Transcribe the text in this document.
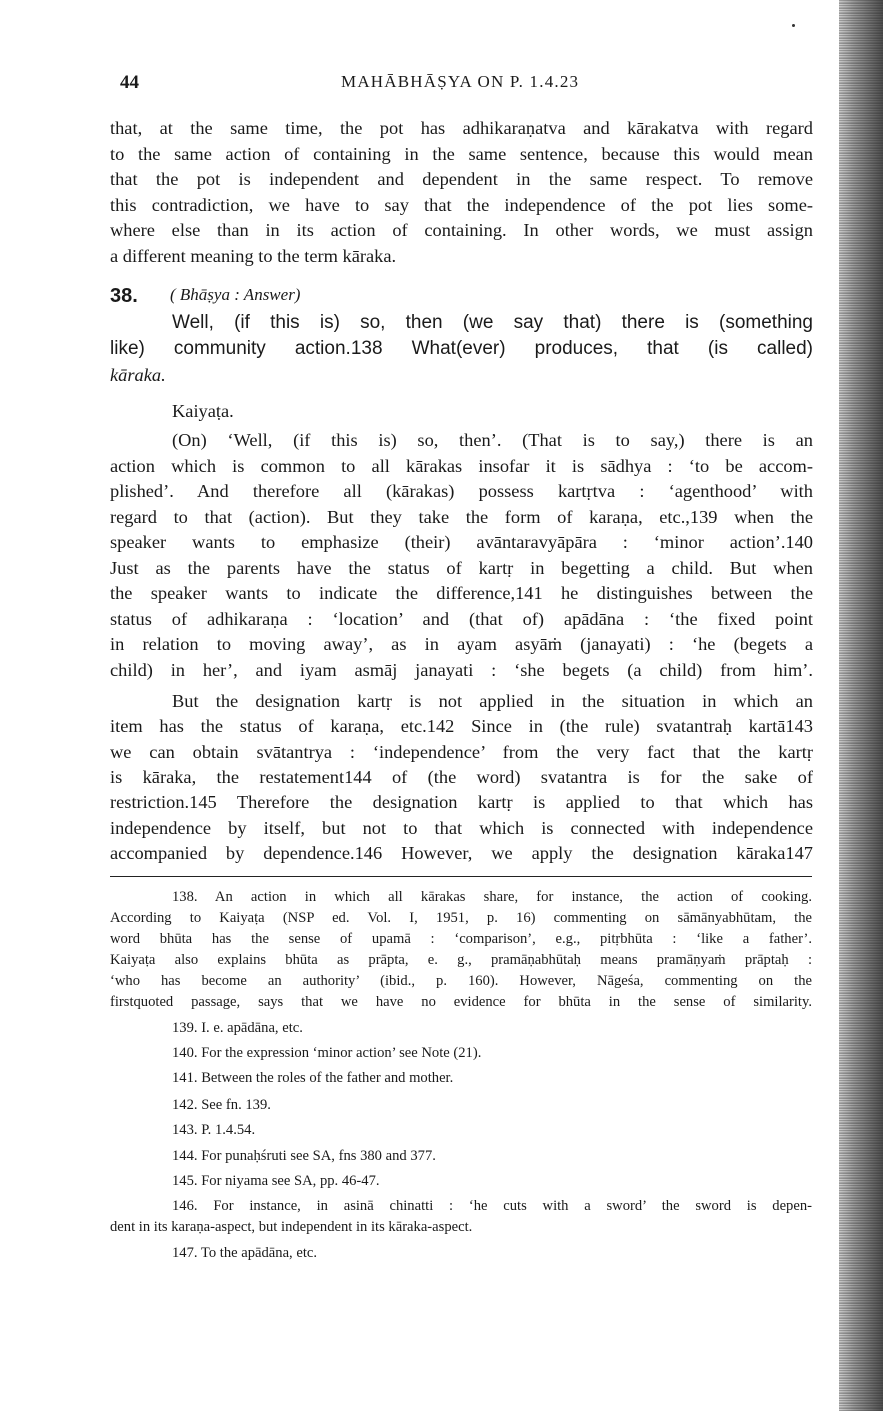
44	MAHĀBHĀṢYA ON P. 1.4.23
that, at the same time, the pot has adhikaraṇatva and kārakatva with regard
to the same action of containing in the same sentence, because this would mean
that the pot is independent and dependent in the same respect. To remove
this contradiction, we have to say that the independence of the pot lies some-
where else than in its action of containing. In other words, we must assign
a different meaning to the term kāraka.
38. ( Bhāṣya : Answer)
Well, (if this is) so, then (we say that) there is (something
like) community action.138 What(ever) produces, that (is called)
kāraka.
Kaiyaṭa.
(On) ‘Well, (if this is) so, then’. (That is to say,) there is an
action which is common to all kārakas insofar it is sādhya : ‘to be accom-
plished’. And therefore all (kārakas) possess kartṛtva : ‘agenthood’ with
regard to that (action). But they take the form of karaṇa, etc.,139 when the
speaker wants to emphasize (their) avāntaravyāpāra : ‘minor action’.140
Just as the parents have the status of kartṛ in begetting a child. But when
the speaker wants to indicate the difference,141 he distinguishes between the
status of adhikaraṇa : ‘location’ and (that of) apādāna : ‘the fixed point
in relation to moving away’, as in ayam asyāṁ (janayati) : ‘he (begets a
child) in her’, and iyam asmāj janayati : ‘she begets (a child) from him’.
But the designation kartṛ is not applied in the situation in which an
item has the status of karaṇa, etc.142 Since in (the rule) svatantraḥ kartā143
we can obtain svātantrya : ‘independence’ from the very fact that the kartṛ
is kāraka, the restatement144 of (the word) svatantra is for the sake of
restriction.145 Therefore the designation kartṛ is applied to that which has
independence by itself, but not to that which is connected with independence
accompanied by dependence.146 However, we apply the designation kāraka147
138. An action in which all kārakas share, for instance, the action of cooking.
According to Kaiyaṭa (NSP ed. Vol. I, 1951, p. 16) commenting on sāmānyabhūtam, the
word bhūta has the sense of upamā : ‘comparison’, e.g., pitṛbhūta : ‘like a father’.
Kaiyaṭa also explains bhūta as prāpta, e. g., pramāṇabhūtaḥ means pramāṇyaṁ prāptaḥ :
‘who has become an authority’ (ibid., p. 160). However, Nāgeśa, commenting on the
firstquoted passage, says that we have no evidence for bhūta in the sense of similarity.
139. I. e. apādāna, etc.
140. For the expression ‘minor action’ see Note (21).
141. Between the roles of the father and mother.
142. See fn. 139.
143. P. 1.4.54.
144. For punaḥśruti see SA, fns 380 and 377.
145. For niyama see SA, pp. 46-47.
146. For instance, in asinā chinatti : ‘he cuts with a sword’ the sword is depen-
dent in its karaṇa-aspect, but independent in its kāraka-aspect.
147. To the apādāna, etc.
